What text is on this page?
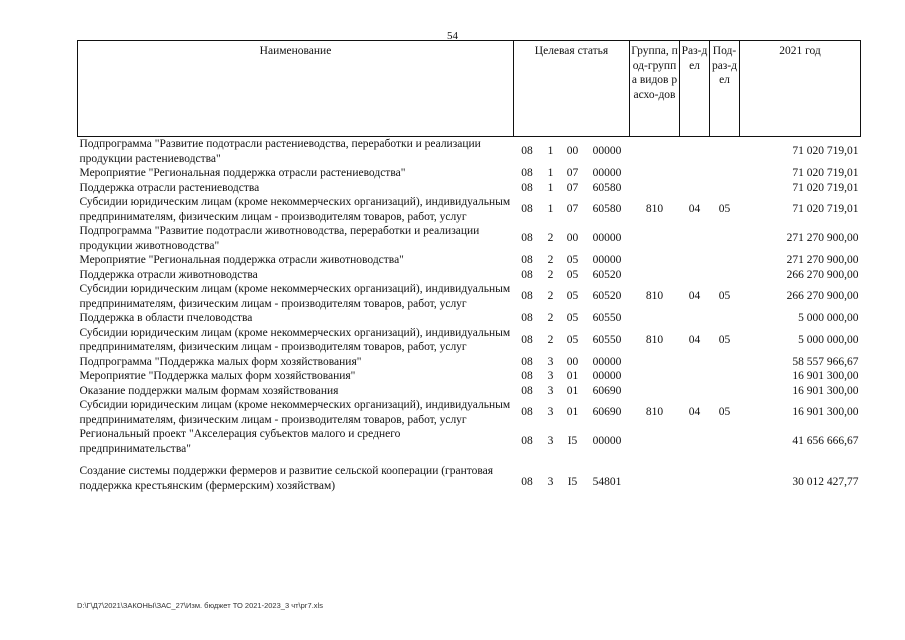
54
Наименование	Целевая статья				Группа, под-группа видов расхо-дов	Раз-дел	Под-раз-дел	2021 год
Подпрограмма "Развитие подотрасли растениеводства, переработки и реализации продукции растениеводства"	08	1	00	00000				71 020 719,01
Мероприятие "Региональная поддержка отрасли растениеводства"	08	1	07	00000				71 020 719,01
Поддержка отрасли растениеводства	08	1	07	60580				71 020 719,01
Субсидии юридическим лицам (кроме некоммерческих организаций), индивидуальным предпринимателям, физическим лицам - производителям товаров, работ, услуг	08	1	07	60580	810	04	05	71 020 719,01
Подпрограмма "Развитие подотрасли животноводства, переработки и реализации продукции животноводства"	08	2	00	00000				271 270 900,00
Мероприятие "Региональная поддержка отрасли животноводства"	08	2	05	00000				271 270 900,00
Поддержка отрасли животноводства	08	2	05	60520				266 270 900,00
Субсидии юридическим лицам (кроме некоммерческих организаций), индивидуальным предпринимателям, физическим лицам - производителям товаров, работ, услуг	08	2	05	60520	810	04	05	266 270 900,00
Поддержка в области пчеловодства	08	2	05	60550				5 000 000,00
Субсидии юридическим лицам (кроме некоммерческих организаций), индивидуальным предпринимателям, физическим лицам - производителям товаров, работ, услуг	08	2	05	60550	810	04	05	5 000 000,00
Подпрограмма "Поддержка малых форм хозяйствования"	08	3	00	00000				58 557 966,67
Мероприятие "Поддержка малых форм хозяйствования"	08	3	01	00000				16 901 300,00
Оказание поддержки малым формам хозяйствования	08	3	01	60690				16 901 300,00
Субсидии юридическим лицам (кроме некоммерческих организаций), индивидуальным предпринимателям, физическим лицам - производителям товаров, работ, услуг	08	3	01	60690	810	04	05	16 901 300,00
Региональный проект "Акселерация субъектов малого и среднего предпринимательства"	08	3	I5	00000				41 656 666,67
Создание системы поддержки фермеров и развитие сельской кооперации (грантовая поддержка крестьянским (фермерским) хозяйствам)	08	3	I5	54801				30 012 427,77
D:\Г\Д7\2021\ЗАКОНЫ\ЗАС_27\Изм. бюджет ТО 2021-2023_3 чт\рг7.xls
